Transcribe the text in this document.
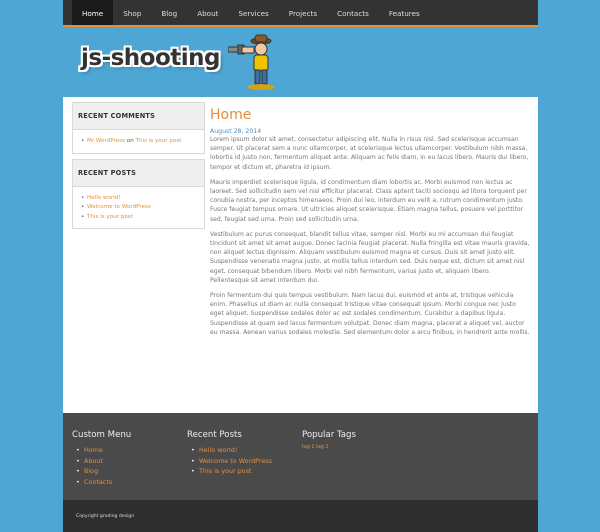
Home	Shop	Blog	About	Services	Projects	Contacts	Features
js-shooting
RECENT COMMENTS
• Mr WordPress on This is your post
RECENT POSTS
• Hello world!
• Welcome to WordPress
• This is your post
Home
August 28, 2014

Lorem ipsum dolor sit amet, consectetur adipiscing elit. Nulla in risus nisl. Sed scelerisque accumsan semper. Ut placerat sem a nunc ullamcorper, at scelerisque lectus ullamcorper. Vestibulum nibh massa, lobortis id justo non, fermentum aliquet ante. Aliquam ac felis diam, in eu lacus libero. Mauris dui libero, tempor et dictum et, pharetra id ipsum.

Mauris imperdiet scelerisque ligula, id condimentum diam lobortis ac. Morbi euismod non lectus ac laoreet. Sed sollicitudin sem vel nisl efficitur placerat. Class aptent taciti sociosqu ad litora torquent per conubia nostra, per inceptos himenaeos. Proin dui leo, interdum eu velit a, rutrum condimentum justo. Fusce feugiat tempus ornare. Ut ultricies aliquet scelerisque. Etiam magna tellus, posuere vel porttitor sed, feugiat sed urna. Proin sed sollicitudin urna.

Vestibulum ac purus consequat, blandit tellus vitae, semper nisl. Morbi eu mi accumsan dui feugiat tincidunt sit amet sit amet augue. Donec lacinia feugiat placerat. Nulla fringilla est vitae mauris gravida, non aliquet lectus dignissim. Aliquam vestibulum euismod magna et cursus. Duis sit amet justo elit. Suspendisse venenatis magna justo, at mollis tellus interdum sed. Duis neque est, dictum sit amet nisl eget, consequat bibendum libero. Morbi vel nibh fermentum, varius justo et, aliquam libero. Pellentesque sit amet interdum dui.

Proin fermentum dui quis tempus vestibulum. Nam lacus dui, euismod et ante at, tristique vehicula enim. Phasellus ut diam ac nulla consequat tristique vitae consequat ipsum. Morbi congue nec justo eget aliquet. Suspendisse sodales dolor ac est sodales condimentum. Curabitur a dapibus ligula. Suspendisse at quam sed lacus fermentum volutpat. Donec diam magna, placerat a aliquet vel, auctor eu massa. Aenean varius sodales molestie. Sed elementum dolor a arcu finibus, in hendrerit ante mollis.

Custom Menu
• Home
• About
• Blog
• Contacts
Recent Posts
• Hello world!
• Welcome to WordPress
• This is your post
Popular Tags
tag 1 tag 2
Copyright groding design
